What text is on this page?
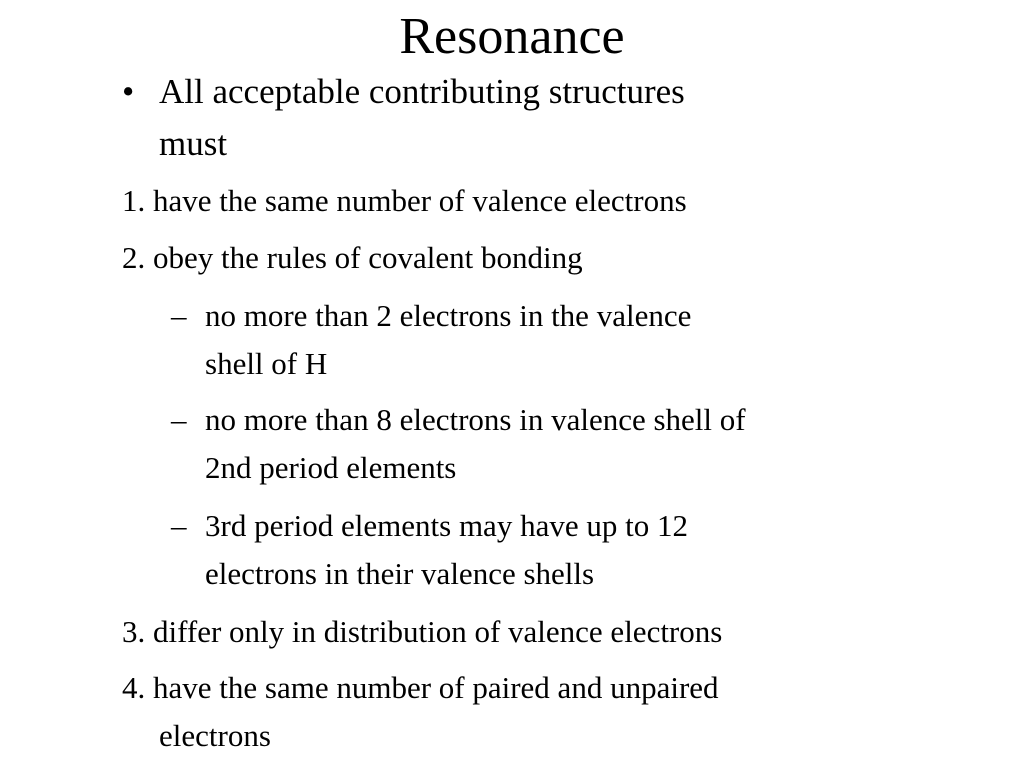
Resonance
• All acceptable contributing structures
must
1. have the same number of valence electrons
2. obey the rules of covalent bonding
– no more than 2 electrons in the valence
shell of H
– no more than 8 electrons in valence shell of
2nd period elements
– 3rd period elements may have up to 12
electrons in their valence shells
3. differ only in distribution of valence electrons
4. have the same number of paired and unpaired
electrons
